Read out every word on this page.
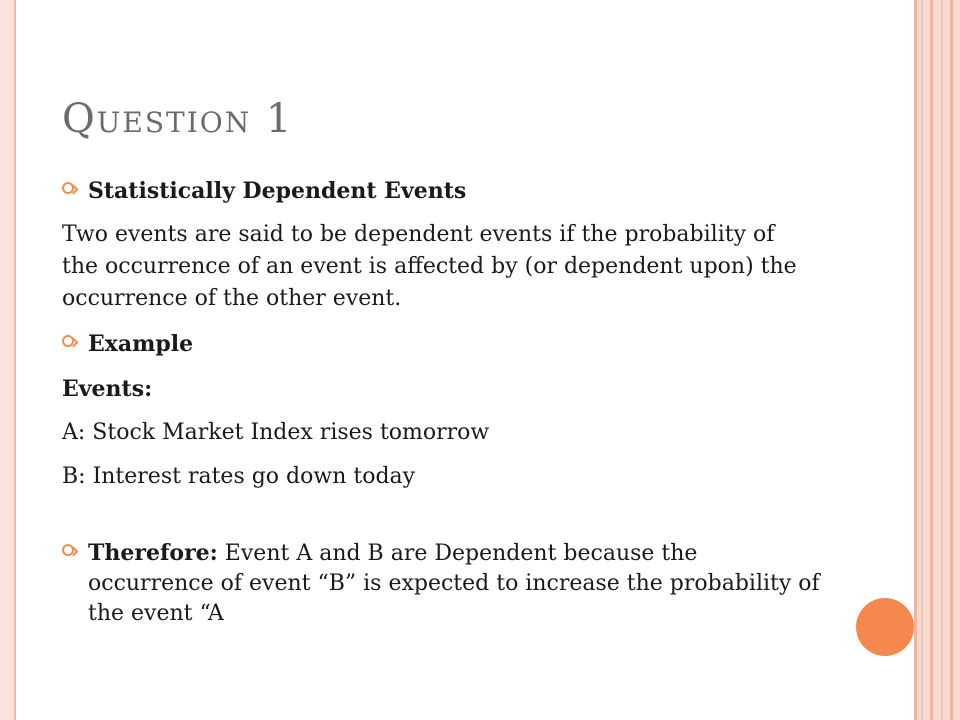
Question 1
Statistically Dependent Events
Two events are said to be dependent events if the probability of the occurrence of an event is affected by (or dependent upon) the occurrence of the other event.
Example
Events:
A: Stock Market Index rises tomorrow
B: Interest rates go down today
Therefore: Event A and B are Dependent because the occurrence of event “B” is expected to increase the probability of the event “A
